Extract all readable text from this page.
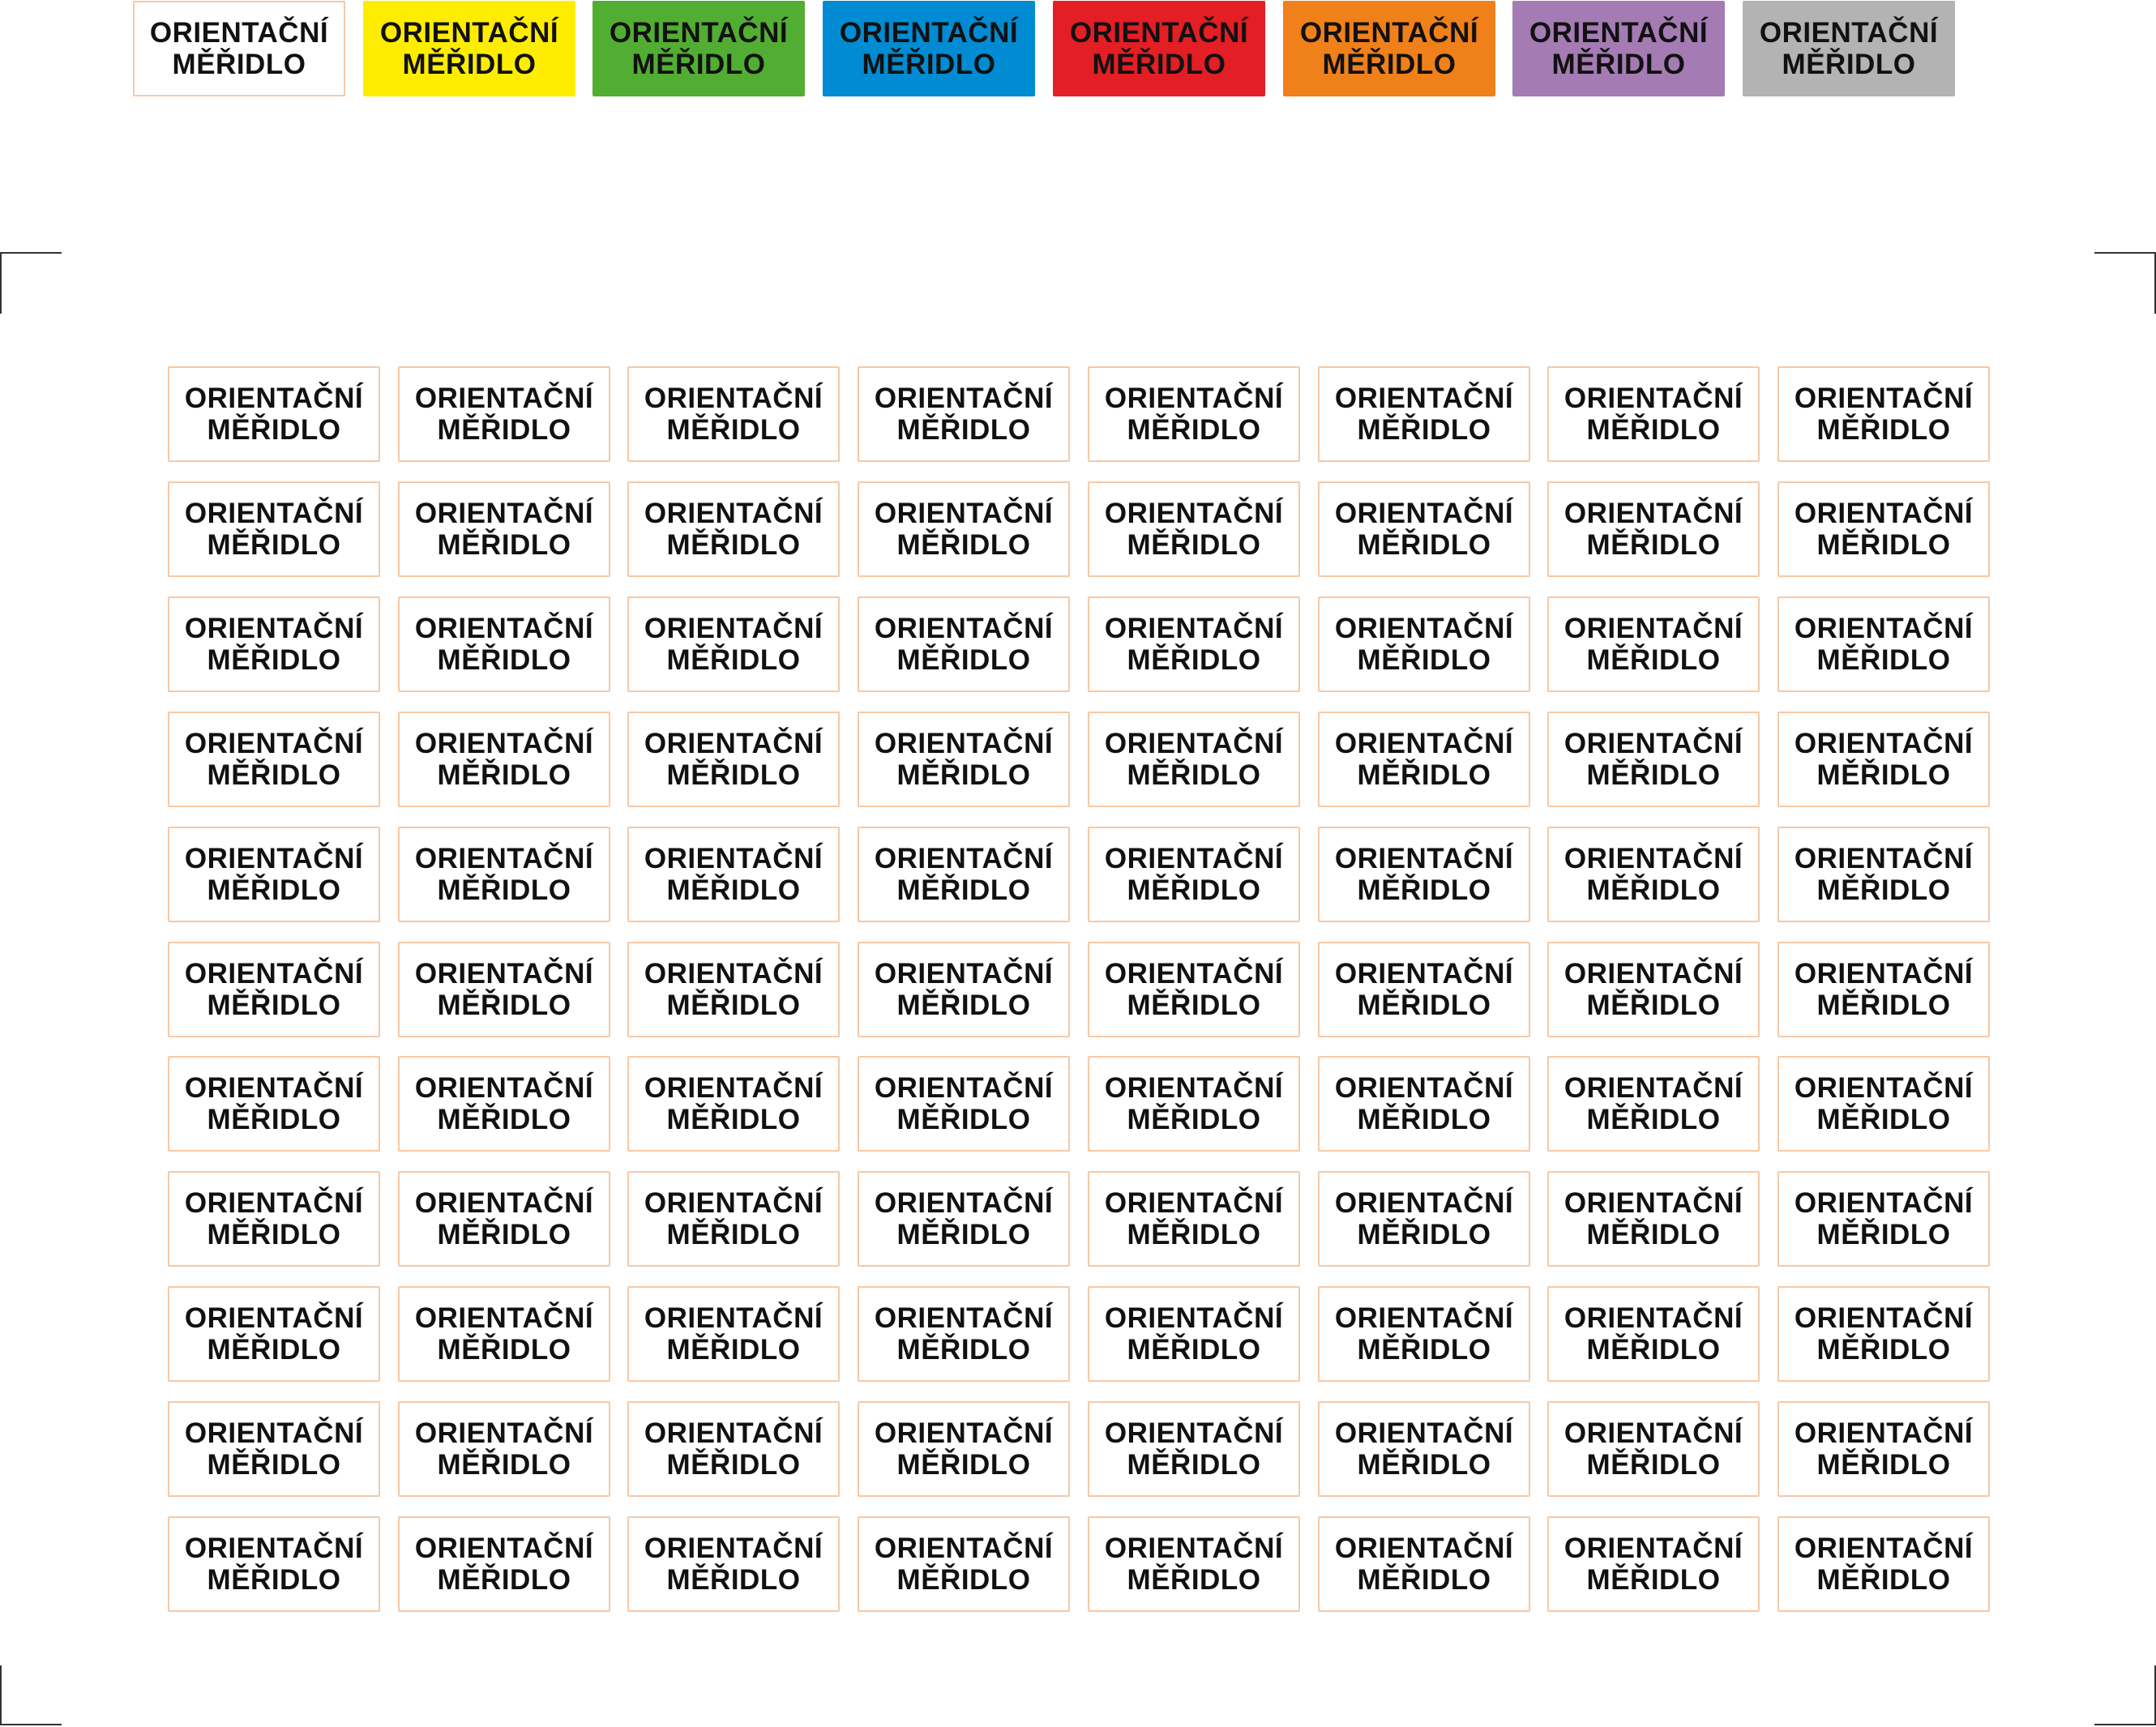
ORIENTAČNÍ
MĚŘIDLO
ORIENTAČNÍ
MĚŘIDLO
ORIENTAČNÍ
MĚŘIDLO
ORIENTAČNÍ
MĚŘIDLO
ORIENTAČNÍ
MĚŘIDLO
ORIENTAČNÍ
MĚŘIDLO
ORIENTAČNÍ
MĚŘIDLO
ORIENTAČNÍ
MĚŘIDLO
ORIENTAČNÍ
MĚŘIDLO
ORIENTAČNÍ
MĚŘIDLO
ORIENTAČNÍ
MĚŘIDLO
ORIENTAČNÍ
MĚŘIDLO
ORIENTAČNÍ
MĚŘIDLO
ORIENTAČNÍ
MĚŘIDLO
ORIENTAČNÍ
MĚŘIDLO
ORIENTAČNÍ
MĚŘIDLO
ORIENTAČNÍ
MĚŘIDLO
ORIENTAČNÍ
MĚŘIDLO
ORIENTAČNÍ
MĚŘIDLO
ORIENTAČNÍ
MĚŘIDLO
ORIENTAČNÍ
MĚŘIDLO
ORIENTAČNÍ
MĚŘIDLO
ORIENTAČNÍ
MĚŘIDLO
ORIENTAČNÍ
MĚŘIDLO
ORIENTAČNÍ
MĚŘIDLO
ORIENTAČNÍ
MĚŘIDLO
ORIENTAČNÍ
MĚŘIDLO
ORIENTAČNÍ
MĚŘIDLO
ORIENTAČNÍ
MĚŘIDLO
ORIENTAČNÍ
MĚŘIDLO
ORIENTAČNÍ
MĚŘIDLO
ORIENTAČNÍ
MĚŘIDLO
ORIENTAČNÍ
MĚŘIDLO
ORIENTAČNÍ
MĚŘIDLO
ORIENTAČNÍ
MĚŘIDLO
ORIENTAČNÍ
MĚŘIDLO
ORIENTAČNÍ
MĚŘIDLO
ORIENTAČNÍ
MĚŘIDLO
ORIENTAČNÍ
MĚŘIDLO
ORIENTAČNÍ
MĚŘIDLO
ORIENTAČNÍ
MĚŘIDLO
ORIENTAČNÍ
MĚŘIDLO
ORIENTAČNÍ
MĚŘIDLO
ORIENTAČNÍ
MĚŘIDLO
ORIENTAČNÍ
MĚŘIDLO
ORIENTAČNÍ
MĚŘIDLO
ORIENTAČNÍ
MĚŘIDLO
ORIENTAČNÍ
MĚŘIDLO
ORIENTAČNÍ
MĚŘIDLO
ORIENTAČNÍ
MĚŘIDLO
ORIENTAČNÍ
MĚŘIDLO
ORIENTAČNÍ
MĚŘIDLO
ORIENTAČNÍ
MĚŘIDLO
ORIENTAČNÍ
MĚŘIDLO
ORIENTAČNÍ
MĚŘIDLO
ORIENTAČNÍ
MĚŘIDLO
ORIENTAČNÍ
MĚŘIDLO
ORIENTAČNÍ
MĚŘIDLO
ORIENTAČNÍ
MĚŘIDLO
ORIENTAČNÍ
MĚŘIDLO
ORIENTAČNÍ
MĚŘIDLO
ORIENTAČNÍ
MĚŘIDLO
ORIENTAČNÍ
MĚŘIDLO
ORIENTAČNÍ
MĚŘIDLO
ORIENTAČNÍ
MĚŘIDLO
ORIENTAČNÍ
MĚŘIDLO
ORIENTAČNÍ
MĚŘIDLO
ORIENTAČNÍ
MĚŘIDLO
ORIENTAČNÍ
MĚŘIDLO
ORIENTAČNÍ
MĚŘIDLO
ORIENTAČNÍ
MĚŘIDLO
ORIENTAČNÍ
MĚŘIDLO
ORIENTAČNÍ
MĚŘIDLO
ORIENTAČNÍ
MĚŘIDLO
ORIENTAČNÍ
MĚŘIDLO
ORIENTAČNÍ
MĚŘIDLO
ORIENTAČNÍ
MĚŘIDLO
ORIENTAČNÍ
MĚŘIDLO
ORIENTAČNÍ
MĚŘIDLO
ORIENTAČNÍ
MĚŘIDLO
ORIENTAČNÍ
MĚŘIDLO
ORIENTAČNÍ
MĚŘIDLO
ORIENTAČNÍ
MĚŘIDLO
ORIENTAČNÍ
MĚŘIDLO
ORIENTAČNÍ
MĚŘIDLO
ORIENTAČNÍ
MĚŘIDLO
ORIENTAČNÍ
MĚŘIDLO
ORIENTAČNÍ
MĚŘIDLO
ORIENTAČNÍ
MĚŘIDLO
ORIENTAČNÍ
MĚŘIDLO
ORIENTAČNÍ
MĚŘIDLO
ORIENTAČNÍ
MĚŘIDLO
ORIENTAČNÍ
MĚŘIDLO
ORIENTAČNÍ
MĚŘIDLO
ORIENTAČNÍ
MĚŘIDLO
ORIENTAČNÍ
MĚŘIDLO
